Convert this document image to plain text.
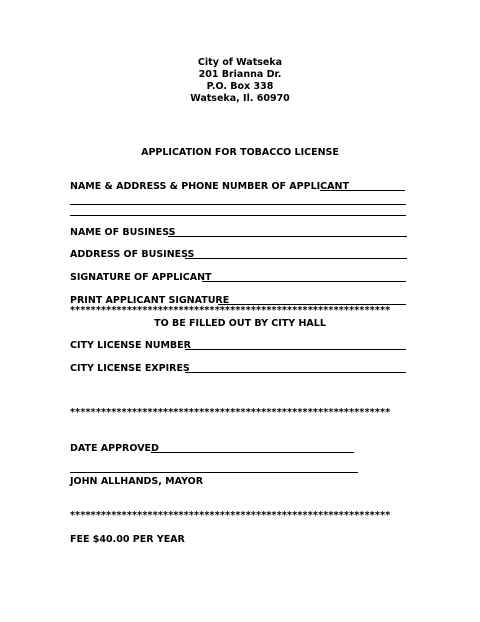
City of Watseka
201 Brianna Dr.
P.O. Box 338
Watseka, Il. 60970
APPLICATION FOR TOBACCO LICENSE
NAME & ADDRESS & PHONE NUMBER OF APPLICANT
NAME OF BUSINESS
ADDRESS OF BUSINESS
SIGNATURE OF APPLICANT
PRINT APPLICANT SIGNATURE
**************************************************************
TO BE FILLED OUT BY CITY HALL
CITY LICENSE NUMBER
CITY LICENSE EXPIRES
**************************************************************
DATE APPROVED
JOHN ALLHANDS, MAYOR
**************************************************************
FEE $40.00 PER YEAR
